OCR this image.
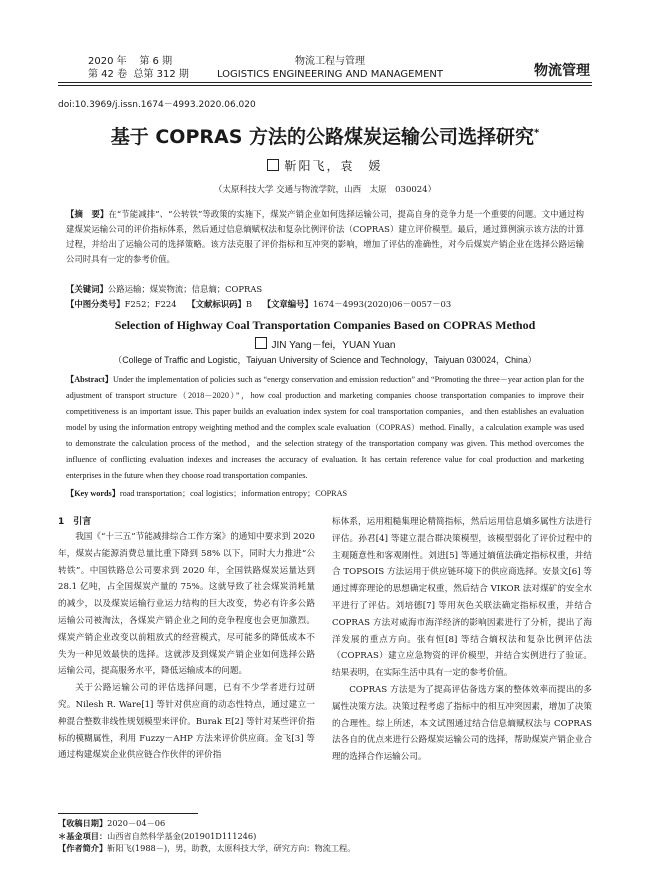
2020 年 第 6 期
第 42 卷 总第 312 期
物流工程与管理
LOGISTICS ENGINEERING AND MANAGEMENT	物流管理
doi:10.3969/j.issn.1674－4993.2020.06.020
基于 COPRAS 方法的公路煤炭运输公司选择研究*
靳阳飞，袁　媛
（太原科技大学 交通与物流学院，山西　太原　030024）
【摘　要】在“节能减排”、“公转铁”等政策的实施下，煤炭产销企业如何选择运输公司，提高自身的竞争力是一个重要的问题。文中通过构建煤炭运输公司的评价指标体系，然后通过信息熵赋权法和复杂比例评价法（COPRAS）建立评价模型。最后，通过算例演示该方法的计算过程，并给出了运输公司的选择策略。该方法克服了评价指标和互冲突的影响，增加了评估的准确性，对今后煤炭产销企业在选择公路运输公司时具有一定的参考价值。
【关键词】公路运输；煤炭物流；信息熵；COPRAS
【中图分类号】F252；F224 【文献标识码】B 【文章编号】1674－4993(2020)06－0057－03
Selection of Highway Coal Transportation Companies Based on COPRAS Method
JIN Yang－fei，YUAN Yuan
（College of Traffic and Logistic，Taiyuan University of Science and Technology，Taiyuan 030024，China）
【Abstract】Under the implementation of policies such as “energy conservation and emission reduction” and “Promoting the three－year action plan for the adjustment of transport structure（2018－2020）”，how coal production and marketing companies choose transportation companies to improve their competitiveness is an important issue. This paper builds an evaluation index system for coal transportation companies，and then establishes an evaluation model by using the information entropy weighting method and the complex scale evaluation（COPRAS）method. Finally，a calculation example was used to demonstrate the calculation process of the method，and the selection strategy of the transportation company was given. This method overcomes the influence of conflicting evaluation indexes and increases the accuracy of evaluation. It has certain reference value for coal production and marketing enterprises in the future when they choose road transportation companies.
【Key words】road transportation；coal logistics；information entropy；COPRAS
1　引言

我国《“十三五”节能减排综合工作方案》的通知中要求到 2020 年，煤炭占能源消费总量比重下降到 58% 以下，同时大力推进“公转铁”。中国铁路总公司要求到 2020 年，全国铁路煤炭运量达到 28.1 亿吨，占全国煤炭产量的 75%。这就导致了社会煤炭消耗量的减少，以及煤炭运输行业运力结构的巨大改变，势必有许多公路运输公司被淘汰，各煤炭产销企业之间的竞争程度也会更加激烈。煤炭产销企业改变以前粗放式的经营模式，尽可能多的降低成本不失为一种见效最快的选择。这就涉及到煤炭产销企业如何选择公路运输公司，提高服务水平，降低运输成本的问题。

关于公路运输公司的评估选择问题，已有不少学者进行过研究。Nilesh R. Ware[1] 等针对供应商的动态性特点，通过建立一种混合整数非线性规划模型来评价。Burak E[2] 等针对某些评价指标的模糊属性，利用 Fuzzy－AHP 方法来评价供应商。金飞[3] 等通过构建煤炭企业供应链合作伙伴的评价指

标体系，运用粗糙集理论精简指标，然后运用信息熵多属性方法进行评估。孙君[4] 等建立混合群决策模型，该模型弱化了评价过程中的主观随意性和客观刚性。刘进[5] 等通过熵值法确定指标权重，并结合 TOPSOIS 方法运用于供应链环境下的供应商选择。安景文[6] 等通过博弈理论的思想确定权重，然后结合 VIKOR 法对煤矿的安全水平进行了评估。刘培德[7] 等用灰色关联法确定指标权重，并结合 COPRAS 方法对威海市海洋经济的影响因素进行了分析，提出了海洋发展的重点方向。张有恒[8] 等结合熵权法和复杂比例评估法（COPRAS）建立应急物资的评价模型，并结合实例进行了验证。结果表明，在实际生活中具有一定的参考价值。

COPRAS 方法是为了提高评估备选方案的整体效率而提出的多属性决策方法。决策过程考虑了指标中的相互冲突因素，增加了决策的合理性。综上所述，本文试图通过结合信息熵赋权法与 COPRAS 法各自的优点来进行公路煤炭运输公司的选择，帮助煤炭产销企业合理的选择合作运输公司。

【收稿日期】2020－04－06
＊基金项目：山西省自然科学基金(201901D111246)
【作者简介】靳阳飞(1988－)，男，助教，太原科技大学，研究方向：物流工程。
